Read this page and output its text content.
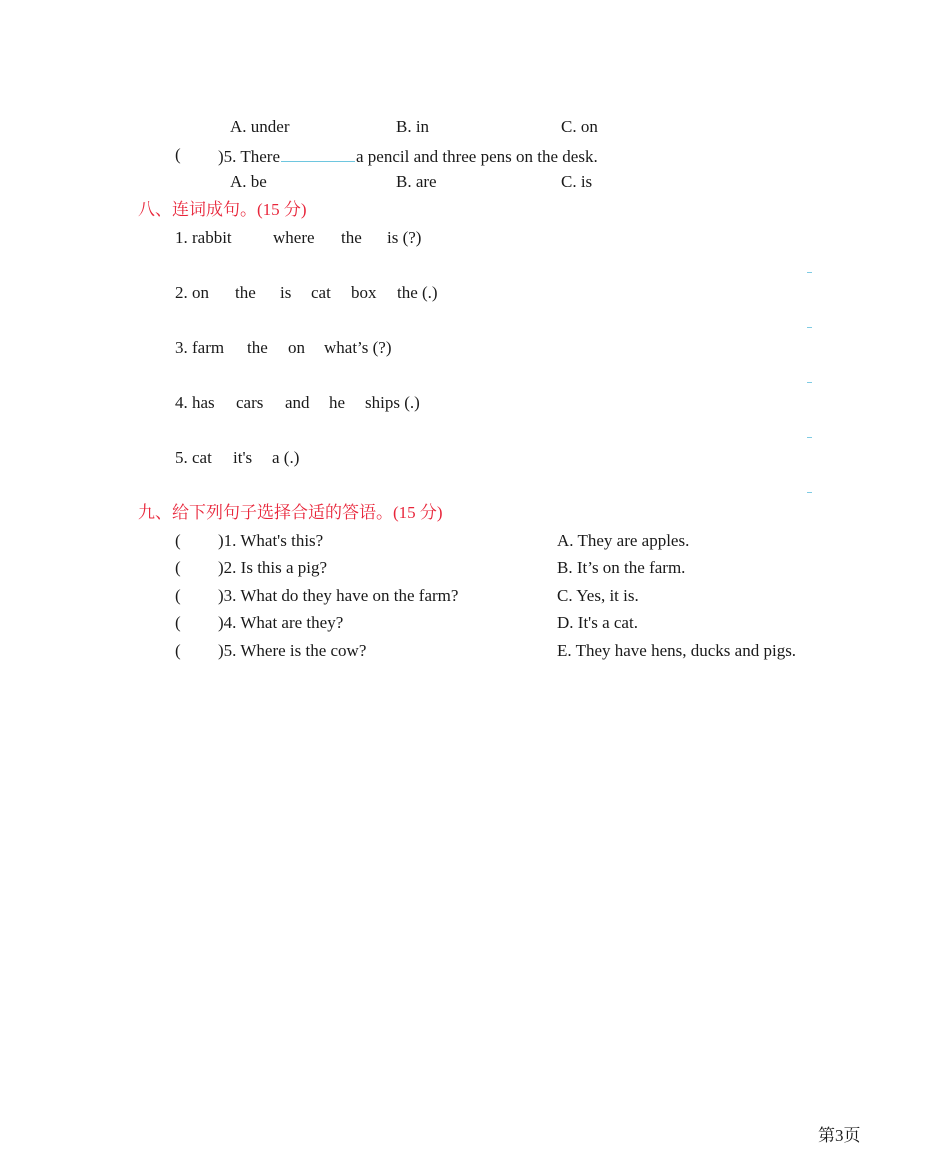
A. under	B. in	C. on
( )5. There	a pencil and three pens on the desk.
A. be	B. are	C. is
八、连词成句。(15 分)
1. rabbit where the is (?)
2. on the is cat box the (.)
3. farm the on what’s (?)
4. has cars and he ships (.)
5. cat it's a (.)
九、给下列句子选择合适的答语。(15 分)
( )1. What's this?	A. They are apples.
( )2. Is this a pig?	B. It’s on the farm.
( )3. What do they have on the farm?	C. Yes, it is.
( )4. What are they?	D. It's a cat.
( )5. Where is the cow?	E. They have hens, ducks and pigs.
第3页
